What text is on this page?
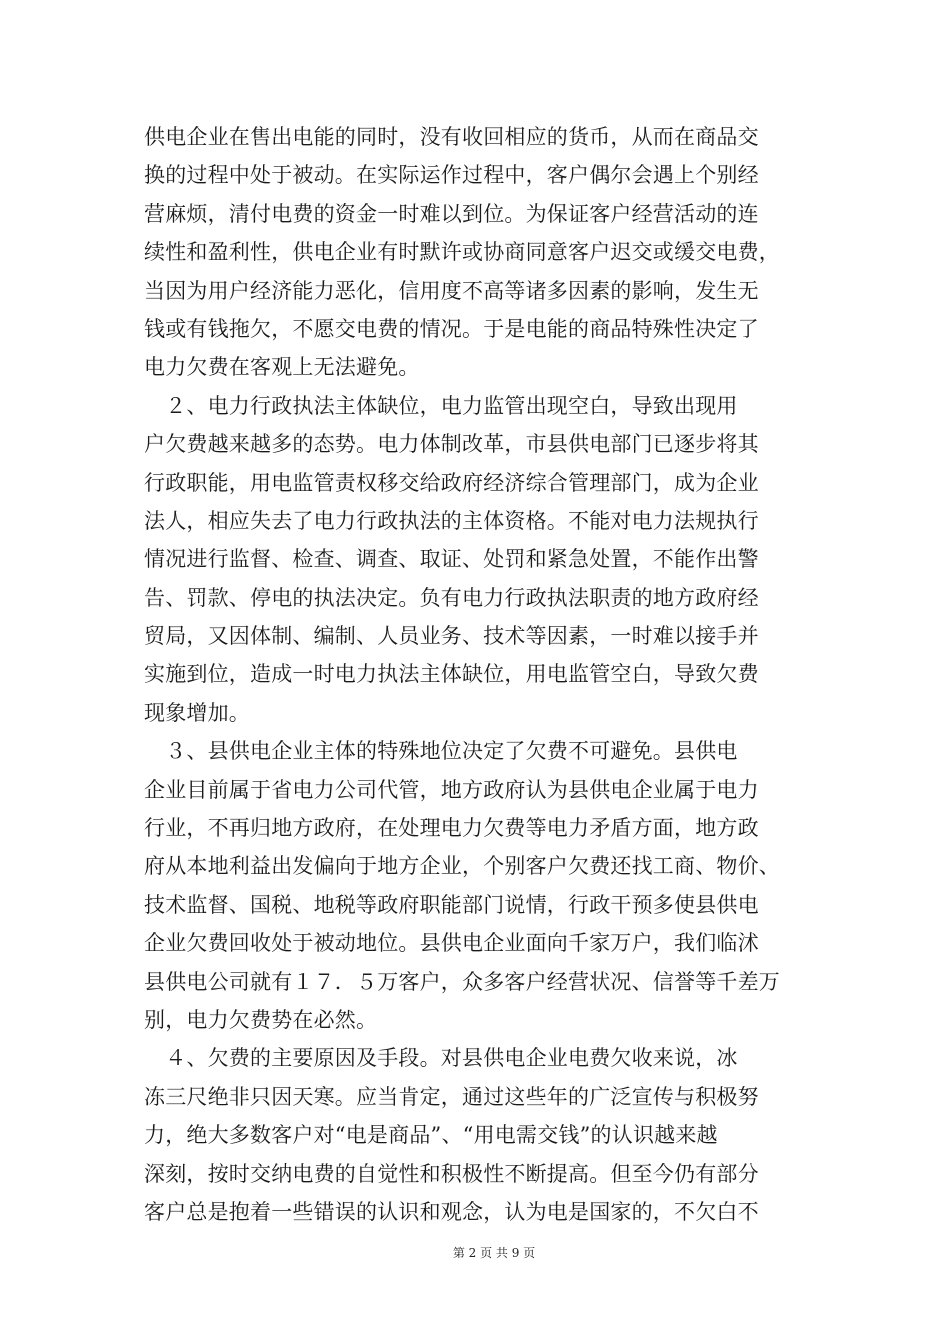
供电企业在售出电能的同时，没有收回相应的货币，从而在商品交
换的过程中处于被动。在实际运作过程中，客户偶尔会遇上个别经
营麻烦，清付电费的资金一时难以到位。为保证客户经营活动的连
续性和盈利性，供电企业有时默许或协商同意客户迟交或缓交电费，
当因为用户经济能力恶化，信用度不高等诸多因素的影响，发生无
钱或有钱拖欠，不愿交电费的情况。于是电能的商品特殊性决定了
电力欠费在客观上无法避免。
　２、电力行政执法主体缺位，电力监管出现空白，导致出现用
户欠费越来越多的态势。电力体制改革，市县供电部门已逐步将其
行政职能，用电监管责权移交给政府经济综合管理部门，成为企业
法人，相应失去了电力行政执法的主体资格。不能对电力法规执行
情况进行监督、检查、调查、取证、处罚和紧急处置，不能作出警
告、罚款、停电的执法决定。负有电力行政执法职责的地方政府经
贸局，又因体制、编制、人员业务、技术等因素，一时难以接手并
实施到位，造成一时电力执法主体缺位，用电监管空白，导致欠费
现象增加。
　３、县供电企业主体的特殊地位决定了欠费不可避免。县供电
企业目前属于省电力公司代管，地方政府认为县供电企业属于电力
行业，不再归地方政府，在处理电力欠费等电力矛盾方面，地方政
府从本地利益出发偏向于地方企业，个别客户欠费还找工商、物价、
技术监督、国税、地税等政府职能部门说情，行政干预多使县供电
企业欠费回收处于被动地位。县供电企业面向千家万户，我们临沭
县供电公司就有１７．５万客户，众多客户经营状况、信誉等千差万
别，电力欠费势在必然。
　４、欠费的主要原因及手段。对县供电企业电费欠收来说，冰
冻三尺绝非只因天寒。应当肯定，通过这些年的广泛宣传与积极努
力，绝大多数客户对“电是商品”、“用电需交钱”的认识越来越
深刻，按时交纳电费的自觉性和积极性不断提高。但至今仍有部分
客户总是抱着一些错误的认识和观念，认为电是国家的，不欠白不
第 2 页 共 9 页
